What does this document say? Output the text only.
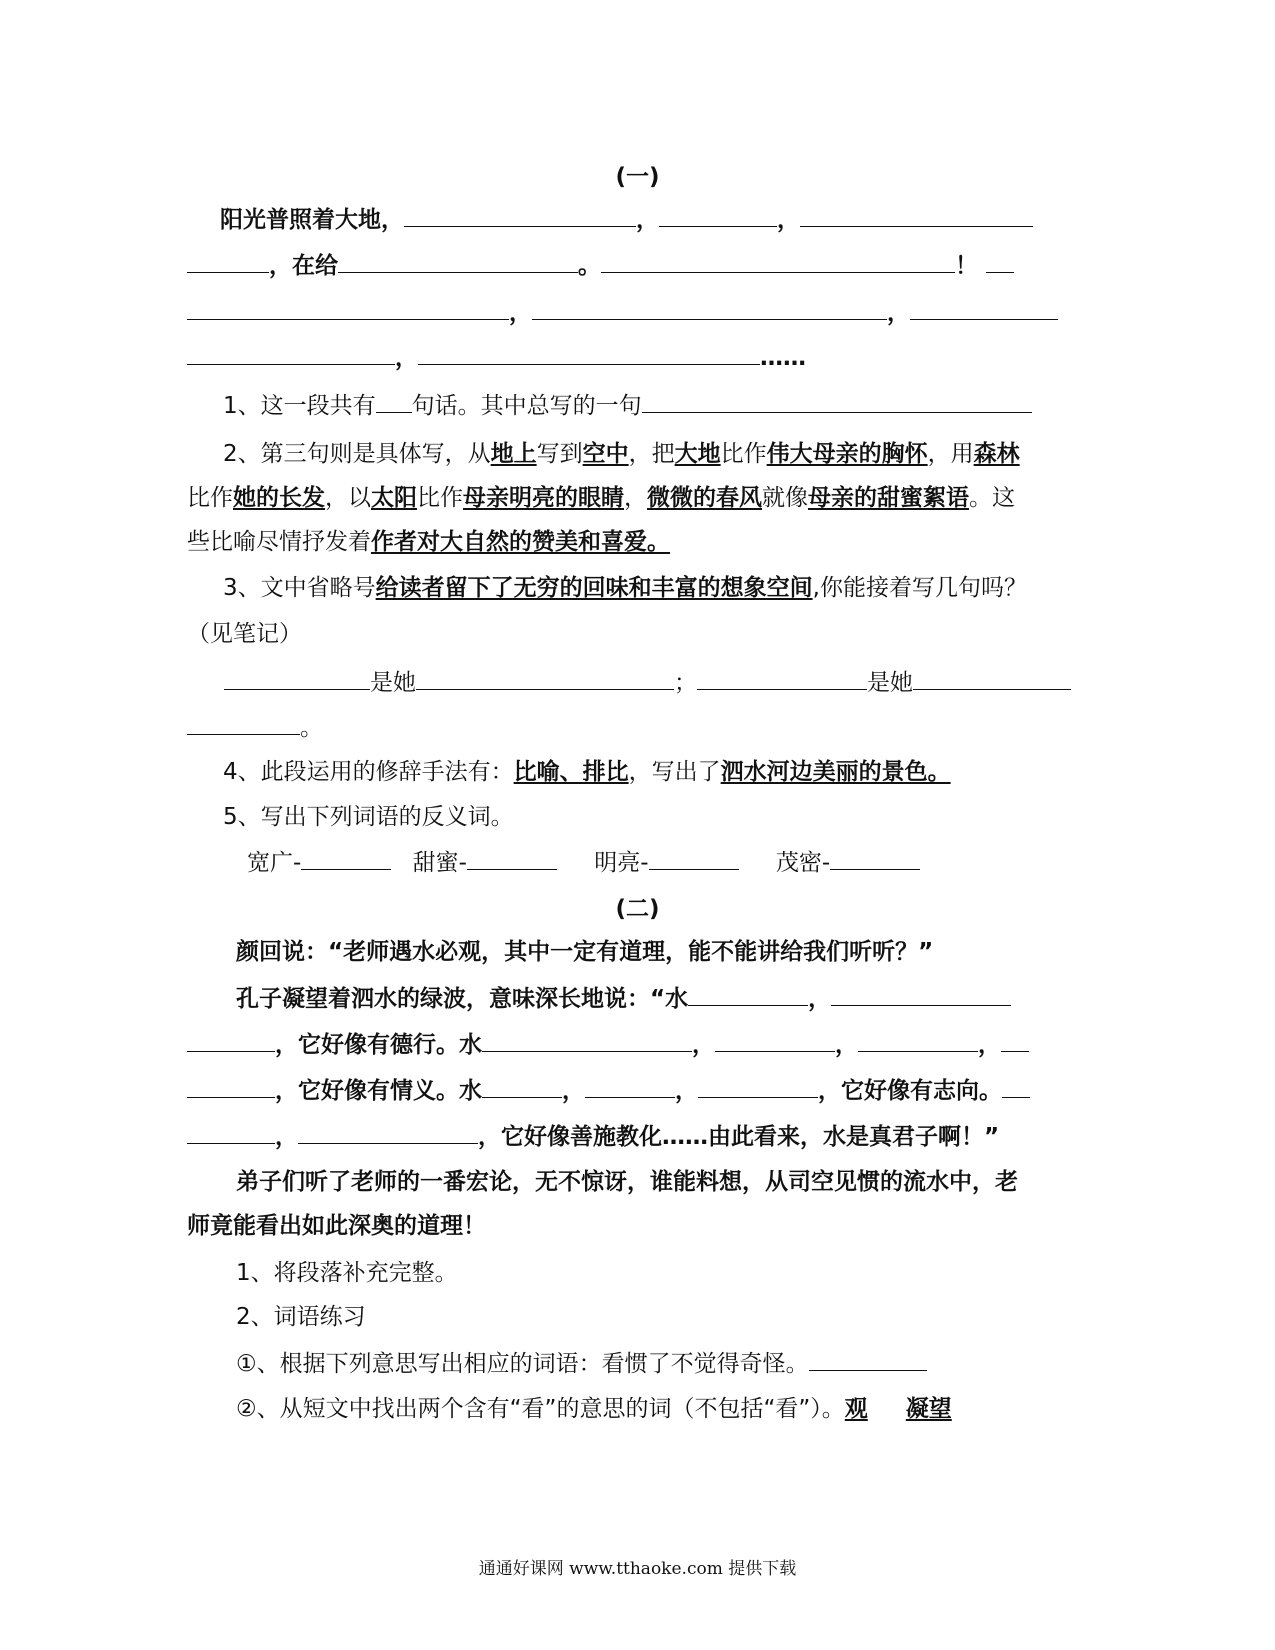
(一)
阳光普照着大地，	，	，
，在给	。	！
，	，
，	……
1、这一段共有 句话。其中总写的一句
2、第三句则是具体写，从地上写到空中，把大地比作伟大母亲的胸怀，用森林
比作她的长发，以太阳比作母亲明亮的眼睛，微微的春风就像母亲的甜蜜絮语。这
些比喻尽情抒发着作者对大自然的赞美和喜爱。
3、文中省略号给读者留下了无穷的回味和丰富的想象空间,你能接着写几句吗？
（见笔记）
是她	；	是她
。
4、此段运用的修辞手法有：比喻、排比，写出了泗水河边美丽的景色。
5、写出下列词语的反义词。
宽广-	甜蜜-	明亮-	茂密-
(二)
颜回说：“老师遇水必观，其中一定有道理，能不能讲给我们听听？”
孔子凝望着泗水的绿波，意味深长地说：“水	，
，它好像有德行。水	，	，	，
，它好像有情义。水	，	，	，它好像有志向。
，	，它好像善施教化……由此看来，水是真君子啊！”
弟子们听了老师的一番宏论，无不惊讶，谁能料想，从司空见惯的流水中，老
师竟能看出如此深奥的道理！
1、将段落补充完整。
2、词语练习
①、根据下列意思写出相应的词语：看惯了不觉得奇怪。
②、从短文中找出两个含有“看”的意思的词（不包括“看”）。观 凝望
通通好课网 www.tthaoke.com 提供下载
